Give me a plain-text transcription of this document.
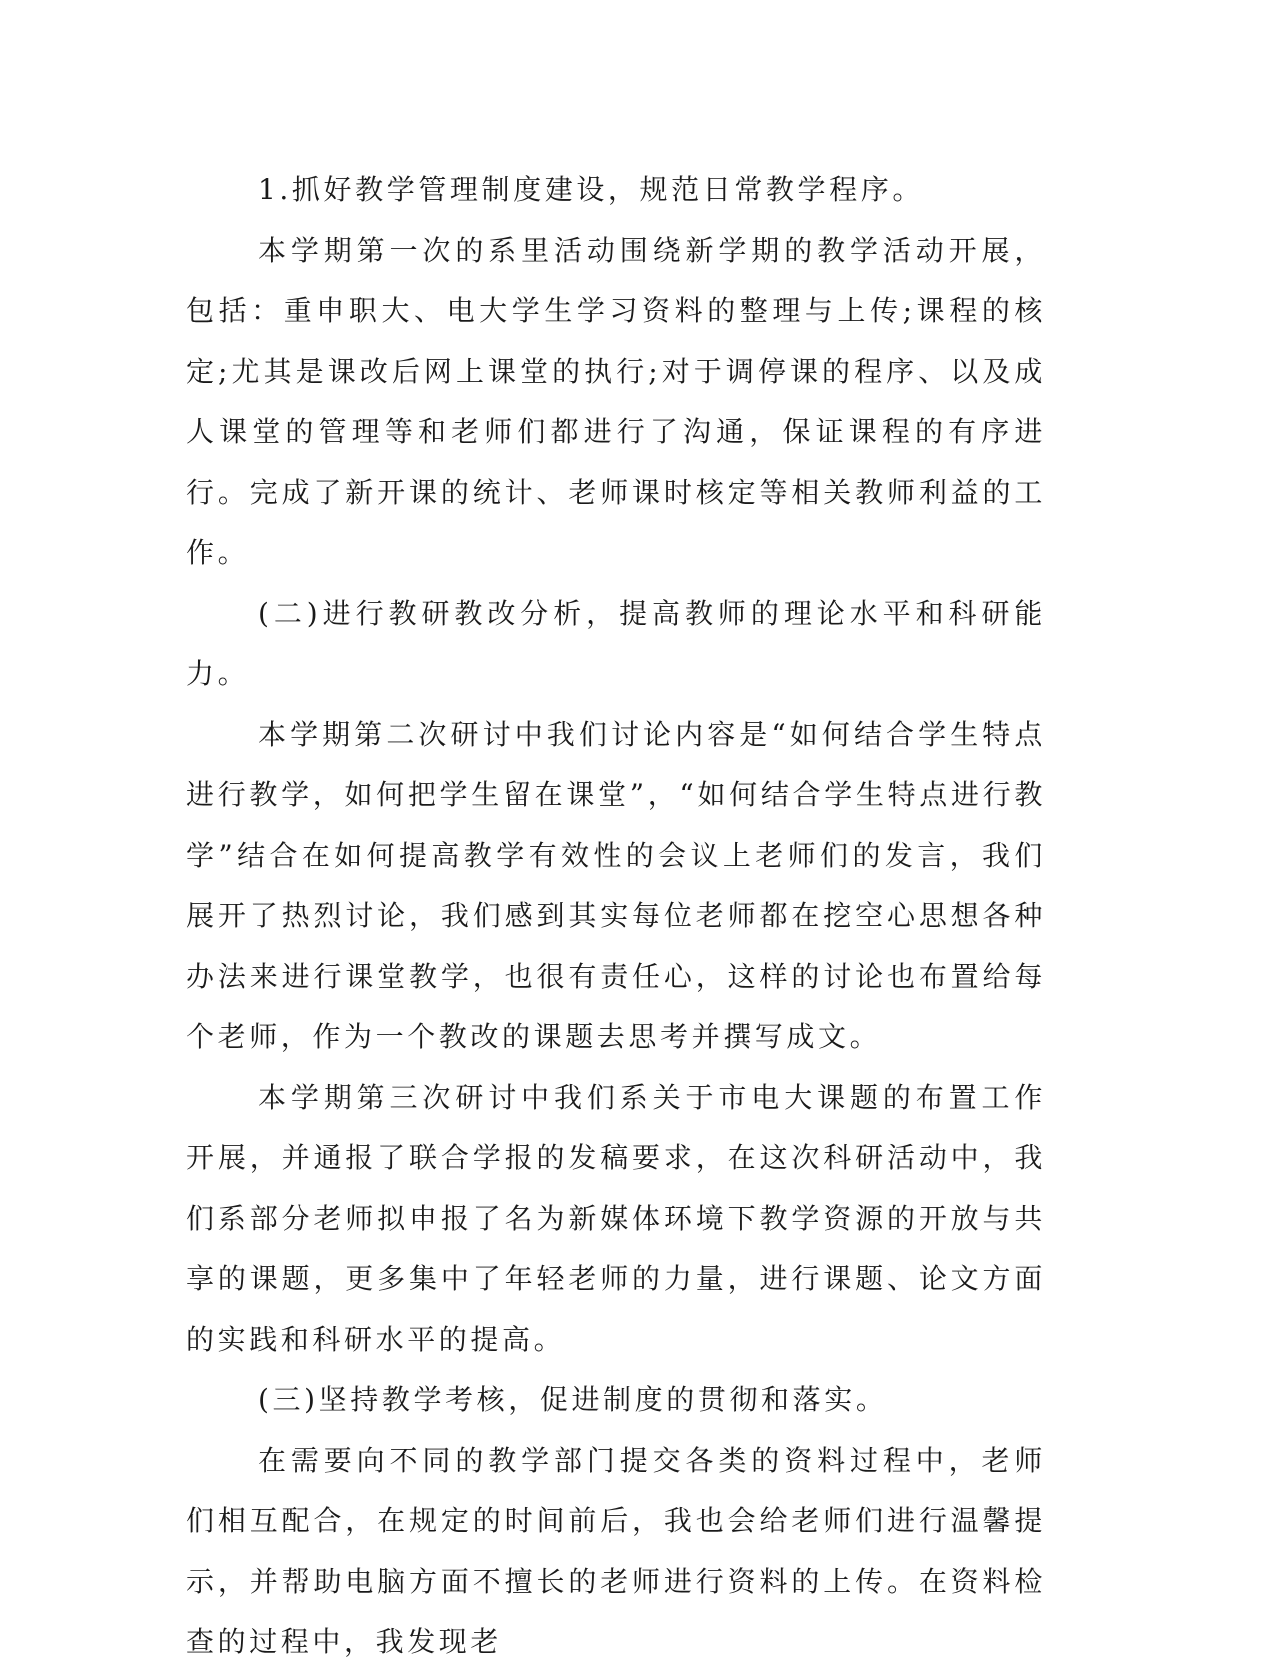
1.抓好教学管理制度建设，规范日常教学程序。

本学期第一次的系里活动围绕新学期的教学活动开展，包括：重申职大、电大学生学习资料的整理与上传;课程的核定;尤其是课改后网上课堂的执行;对于调停课的程序、以及成人课堂的管理等和老师们都进行了沟通，保证课程的有序进行。完成了新开课的统计、老师课时核定等相关教师利益的工作。

(二)进行教研教改分析，提高教师的理论水平和科研能力。

本学期第二次研讨中我们讨论内容是“如何结合学生特点进行教学，如何把学生留在课堂”，“如何结合学生特点进行教学”结合在如何提高教学有效性的会议上老师们的发言，我们展开了热烈讨论，我们感到其实每位老师都在挖空心思想各种办法来进行课堂教学，也很有责任心，这样的讨论也布置给每个老师，作为一个教改的课题去思考并撰写成文。

本学期第三次研讨中我们系关于市电大课题的布置工作开展，并通报了联合学报的发稿要求，在这次科研活动中，我们系部分老师拟申报了名为新媒体环境下教学资源的开放与共享的课题，更多集中了年轻老师的力量，进行课题、论文方面的实践和科研水平的提高。

(三)坚持教学考核，促进制度的贯彻和落实。

在需要向不同的教学部门提交各类的资料过程中，老师们相互配合，在规定的时间前后，我也会给老师们进行温馨提示，并帮助电脑方面不擅长的老师进行资料的上传。在资料检查的过程中，我发现老
